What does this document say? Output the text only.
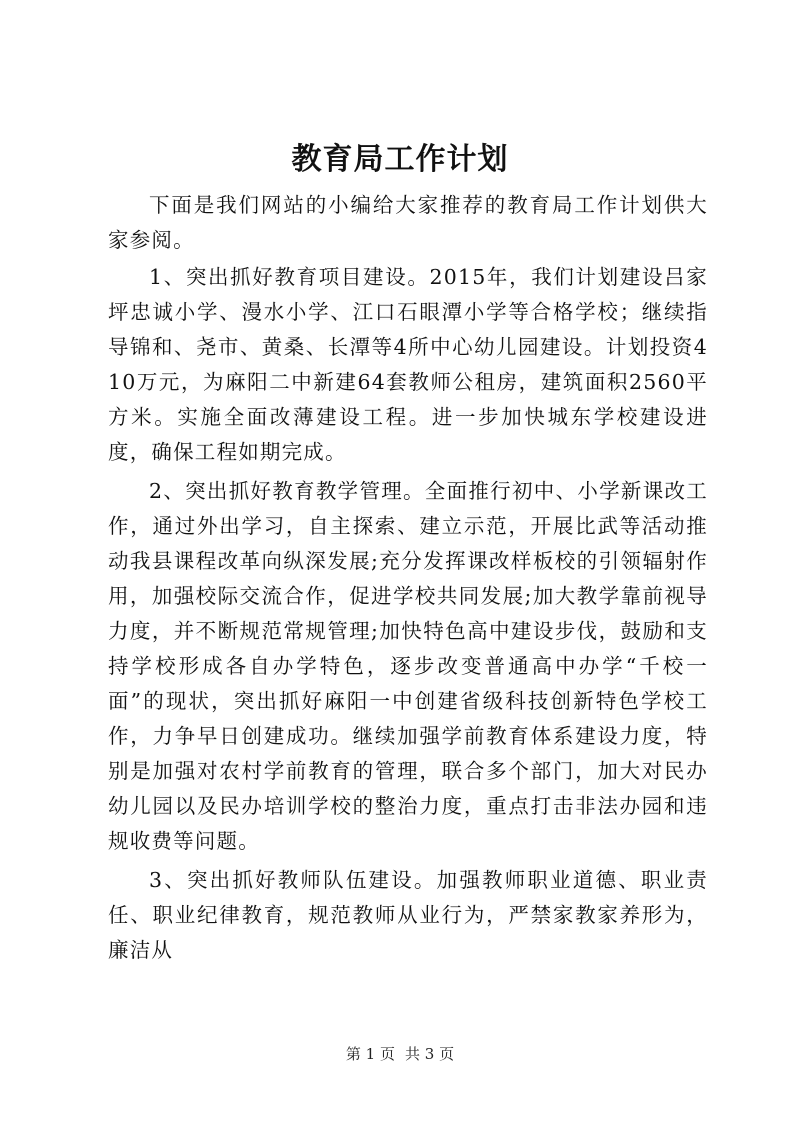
教育局工作计划

下面是我们网站的小编给大家推荐的教育局工作计划供大家参阅。

1、突出抓好教育项目建设。2015年，我们计划建设吕家坪忠诚小学、漫水小学、江口石眼潭小学等合格学校；继续指导锦和、尧市、黄桑、长潭等4所中心幼儿园建设。计划投资410万元，为麻阳二中新建64套教师公租房，建筑面积2560平方米。实施全面改薄建设工程。进一步加快城东学校建设进度，确保工程如期完成。

2、突出抓好教育教学管理。全面推行初中、小学新课改工作，通过外出学习，自主探索、建立示范，开展比武等活动推动我县课程改革向纵深发展;充分发挥课改样板校的引领辐射作用，加强校际交流合作，促进学校共同发展;加大教学靠前视导力度，并不断规范常规管理;加快特色高中建设步伐，鼓励和支持学校形成各自办学特色，逐步改变普通高中办学“千校一面”的现状，突出抓好麻阳一中创建省级科技创新特色学校工作，力争早日创建成功。继续加强学前教育体系建设力度，特别是加强对农村学前教育的管理，联合多个部门，加大对民办幼儿园以及民办培训学校的整治力度，重点打击非法办园和违规收费等问题。

3、突出抓好教师队伍建设。加强教师职业道德、职业责任、职业纪律教育，规范教师从业行为，严禁家教家养形为，廉洁从

第 1 页 共 3 页
